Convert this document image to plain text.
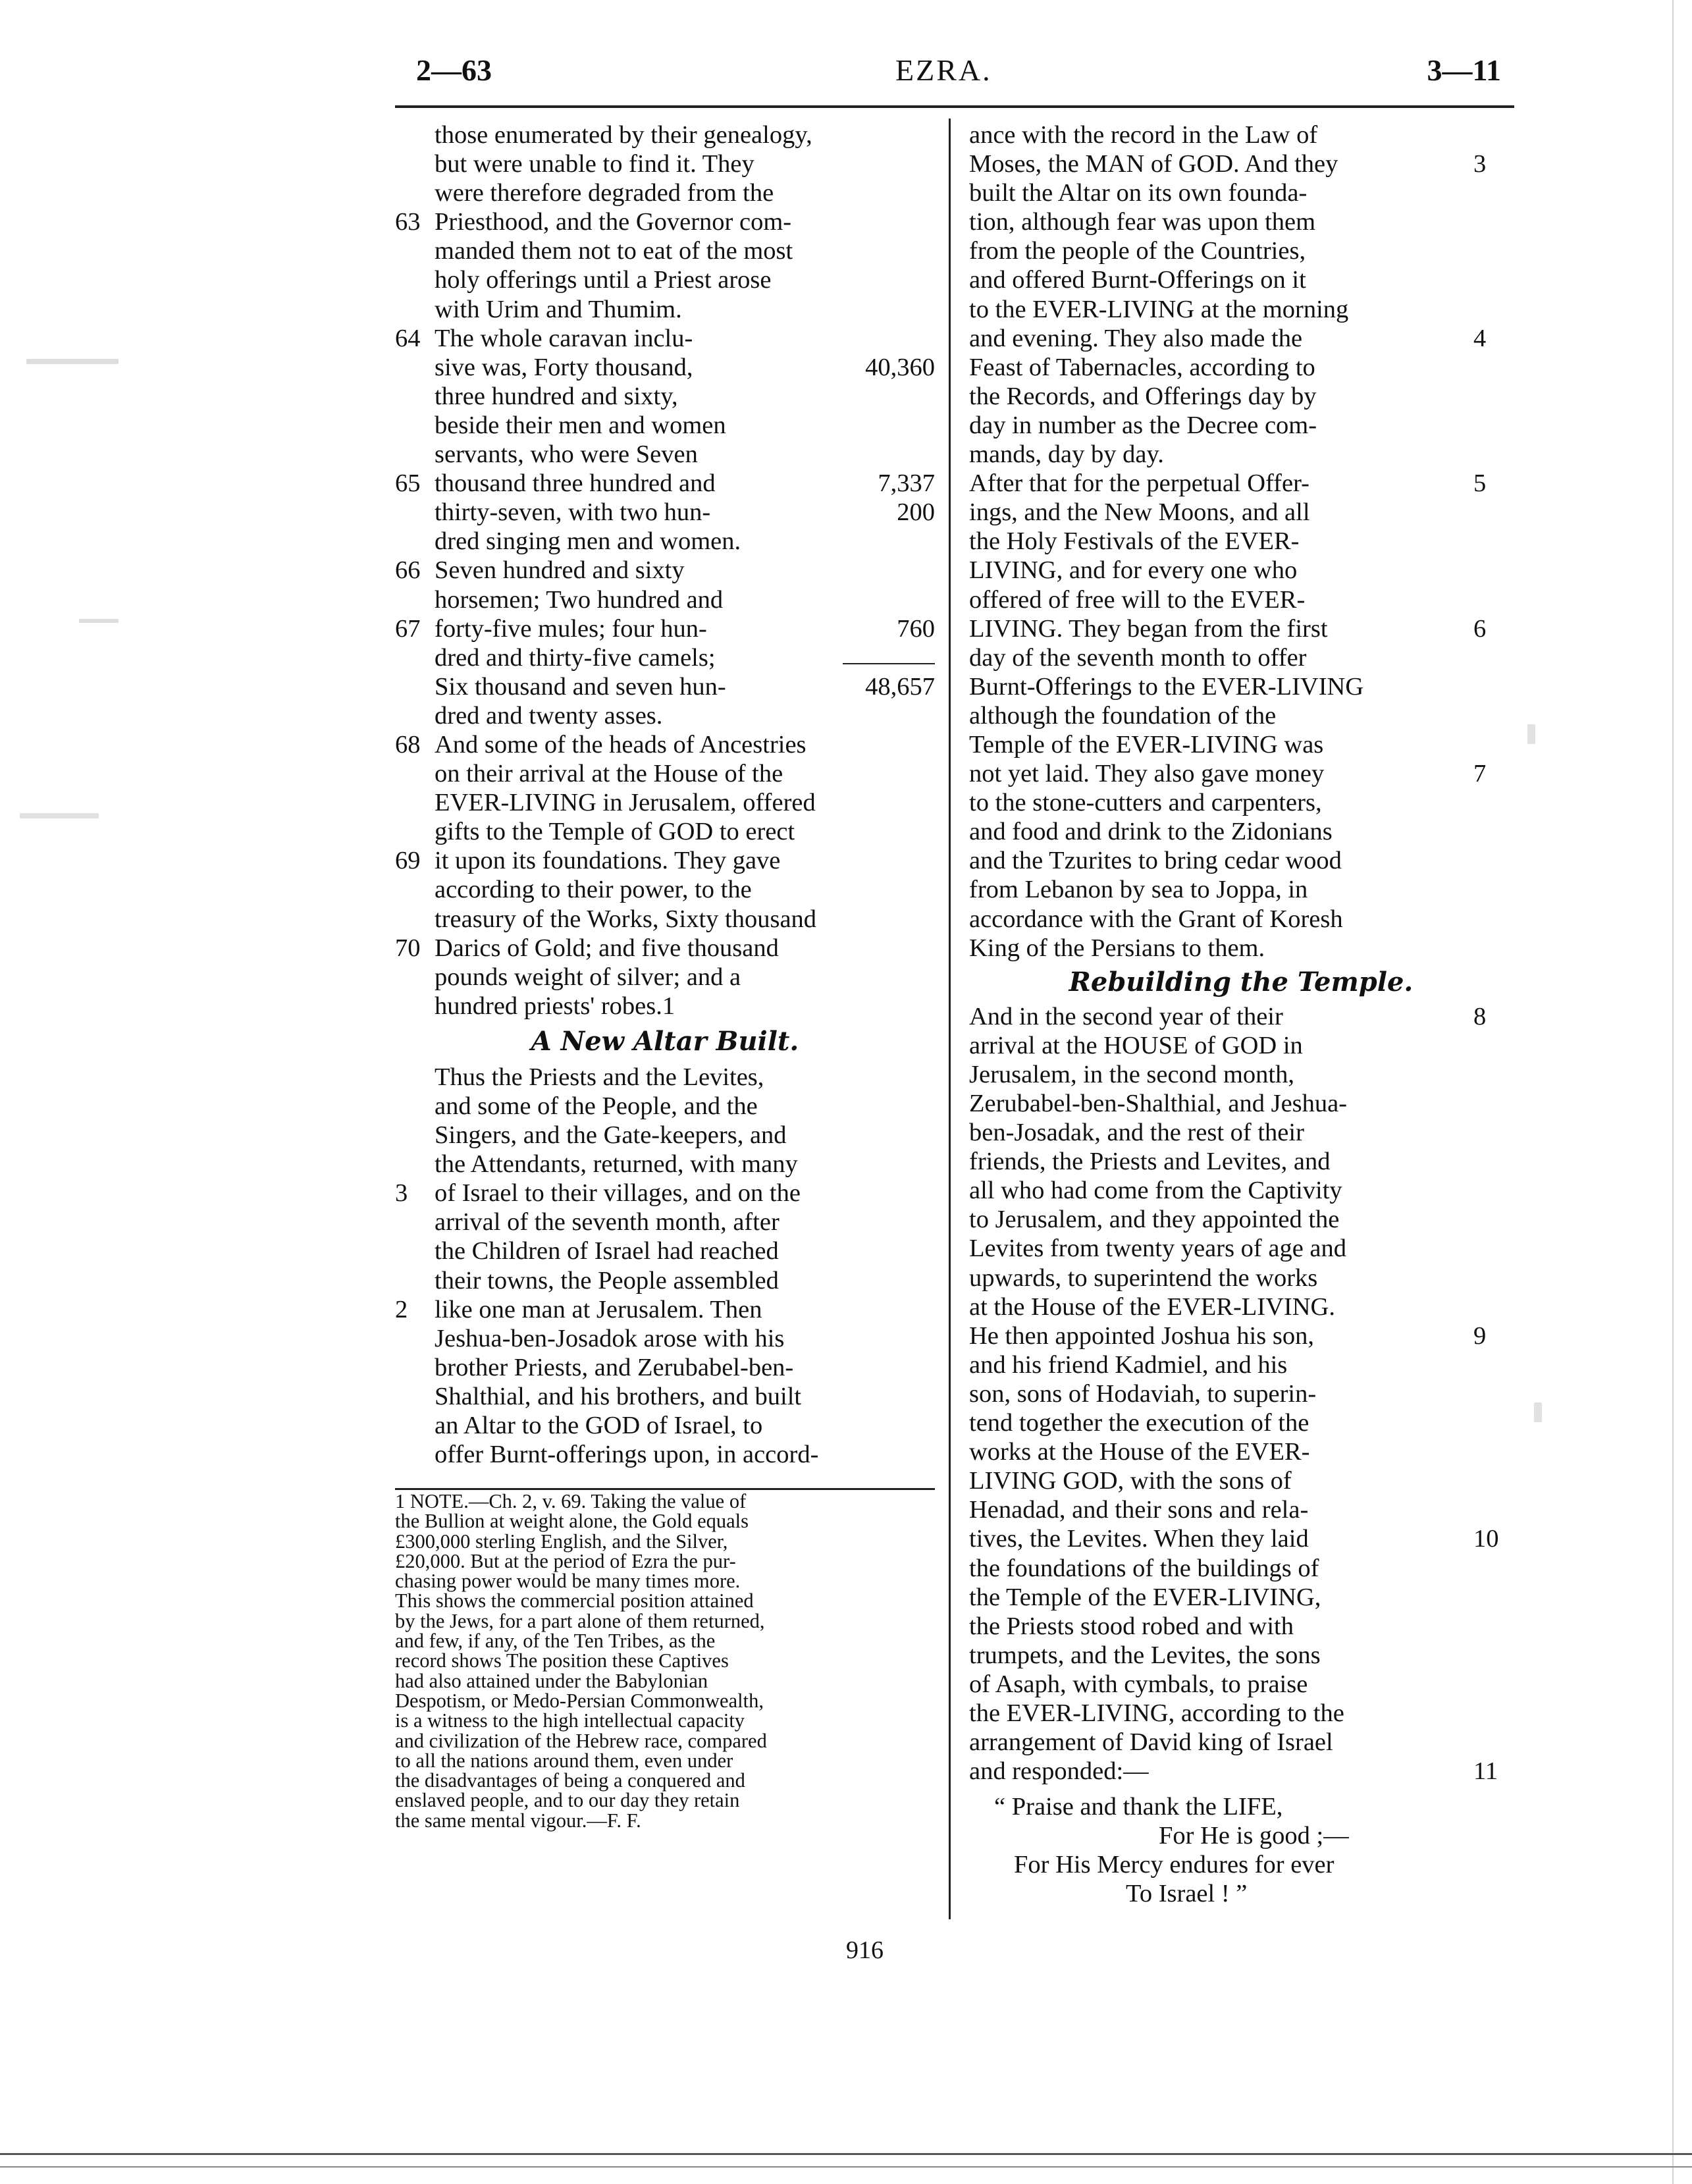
2—63	EZRA.	3—11
those enumerated by their genealogy,
but were unable to find it. They
were therefore degraded from the
63 Priesthood, and the Governor com-
manded them not to eat of the most
holy offerings until a Priest arose
with Urim and Thumim.
64 The whole caravan inclu-
sive was, Forty thousand,	40,360
three hundred and sixty,
beside their men and women
servants, who were Seven
65 thousand three hundred and	7,337
thirty-seven, with two hun-	200
dred singing men and women.
66 Seven hundred and sixty
horsemen; Two hundred and
67 forty-five mules; four hun-	760
dred and thirty-five camels;
Six thousand and seven hun-	48,657
dred and twenty asses.
68 And some of the heads of Ancestries
on their arrival at the House of the
EVER-LIVING in Jerusalem, offered
gifts to the Temple of GOD to erect
69 it upon its foundations. They gave
according to their power, to the
treasury of the Works, Sixty thousand
70 Darics of Gold; and five thousand
pounds weight of silver; and a
hundred priests' robes.1
A New Altar Built.
Thus the Priests and the Levites,
and some of the People, and the
Singers, and the Gate-keepers, and
the Attendants, returned, with many
3 of Israel to their villages, and on the
arrival of the seventh month, after
the Children of Israel had reached
their towns, the People assembled
2 like one man at Jerusalem. Then
Jeshua-ben-Josadok arose with his
brother Priests, and Zerubabel-ben-
Shalthial, and his brothers, and built
an Altar to the GOD of Israel, to
offer Burnt-offerings upon, in accord-
1 NOTE.—Ch. 2, v. 69. Taking the value of
the Bullion at weight alone, the Gold equals
£300,000 sterling English, and the Silver,
£20,000. But at the period of Ezra the pur-
chasing power would be many times more.
This shows the commercial position attained
by the Jews, for a part alone of them returned,
and few, if any, of the Ten Tribes, as the
record shows The position these Captives
had also attained under the Babylonian
Despotism, or Medo-Persian Commonwealth,
is a witness to the high intellectual capacity
and civilization of the Hebrew race, compared
to all the nations around them, even under
the disadvantages of being a conquered and
enslaved people, and to our day they retain
the same mental vigour.—F. F.
ance with the record in the Law of
3
Moses, the MAN of GOD. And they
built the Altar on its own founda-
tion, although fear was upon them
from the people of the Countries,
and offered Burnt-Offerings on it
to the EVER-LIVING at the morning
4
and evening. They also made the
Feast of Tabernacles, according to
the Records, and Offerings day by
day in number as the Decree com-
mands, day by day.
5
After that for the perpetual Offer-
ings, and the New Moons, and all
the Holy Festivals of the EVER-
LIVING, and for every one who
offered of free will to the EVER-
6
LIVING. They began from the first
day of the seventh month to offer
Burnt-Offerings to the EVER-LIVING
although the foundation of the
Temple of the EVER-LIVING was
7
not yet laid. They also gave money
to the stone-cutters and carpenters,
and food and drink to the Zidonians
and the Tzurites to bring cedar wood
from Lebanon by sea to Joppa, in
accordance with the Grant of Koresh
King of the Persians to them.
Rebuilding the Temple.
8
And in the second year of their
arrival at the HOUSE of GOD in
Jerusalem, in the second month,
Zerubabel-ben-Shalthial, and Jeshua-
ben-Josadak, and the rest of their
friends, the Priests and Levites, and
all who had come from the Captivity
to Jerusalem, and they appointed the
Levites from twenty years of age and
upwards, to superintend the works
at the House of the EVER-LIVING.
9
He then appointed Joshua his son,
and his friend Kadmiel, and his
son, sons of Hodaviah, to superin-
tend together the execution of the
works at the House of the EVER-
LIVING GOD, with the sons of
Henadad, and their sons and rela-
10
tives, the Levites. When they laid
the foundations of the buildings of
the Temple of the EVER-LIVING,
the Priests stood robed and with
trumpets, and the Levites, the sons
of Asaph, with cymbals, to praise
the EVER-LIVING, according to the
arrangement of David king of Israel
11
and responded:—
“ Praise and thank the LIFE,
For He is good ;—
For His Mercy endures for ever
To Israel ! ”
916
